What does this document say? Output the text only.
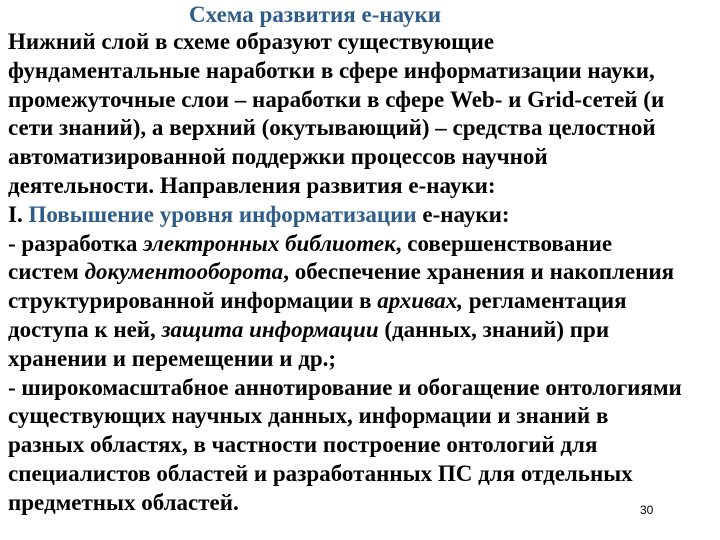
Схема развития е-науки
Нижний слой в схеме образуют существующие
фундаментальные наработки в сфере информатизации науки,
промежуточные слои – наработки в сфере Web- и Grid-сетей (и
сети знаний), а верхний (окутывающий) – средства целостной
автоматизированной поддержки процессов научной
деятельности. Направления развития е-науки:
I. Повышение уровня информатизации е-науки:
- разработка электронных библиотек, совершенствование
систем документооборота, обеспечение хранения и накопления
структурированной информации в архивах, регламентация
доступа к ней, защита информации (данных, знаний) при
хранении и перемещении и др.;
- широкомасштабное аннотирование и обогащение онтологиями
существующих научных данных, информации и знаний в
разных областях, в частности построение онтологий для
специалистов областей и разработанных ПС для отдельных
предметных областей.	30
